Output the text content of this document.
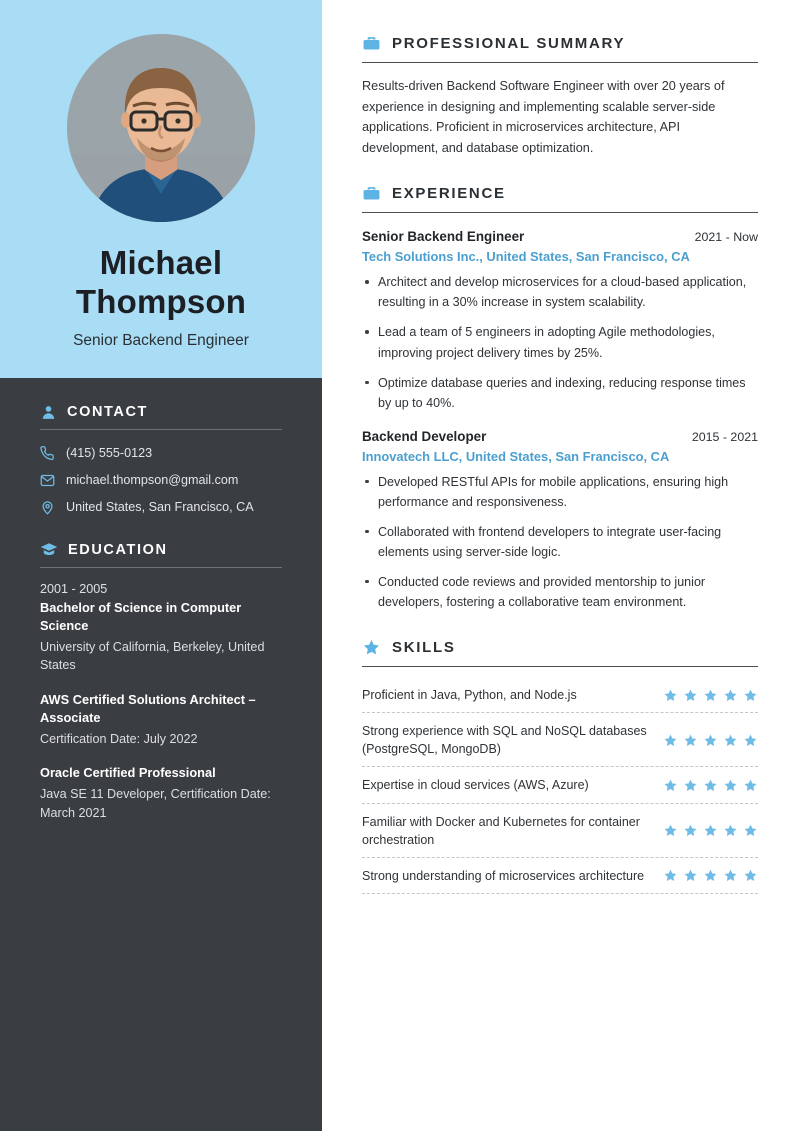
Michael
Thompson
Senior Backend Engineer
CONTACT
(415) 555-0123
michael.thompson@gmail.com
United States, San Francisco, CA
EDUCATION
2001 - 2005
Bachelor of Science in Computer Science
University of California, Berkeley, United States
AWS Certified Solutions Architect – Associate
Certification Date: July 2022
Oracle Certified Professional
Java SE 11 Developer, Certification Date: March 2021
PROFESSIONAL SUMMARY

Results-driven Backend Software Engineer with over 20 years of experience in designing and implementing scalable server-side applications. Proficient in microservices architecture, API development, and database optimization.

EXPERIENCE
Senior Backend Engineer	2021 - Now
Tech Solutions Inc., United States, San Francisco, CA
Architect and develop microservices for a cloud-based application, resulting in a 30% increase in system scalability.
Lead a team of 5 engineers in adopting Agile methodologies, improving project delivery times by 25%.
Optimize database queries and indexing, reducing response times by up to 40%.
Backend Developer	2015 - 2021
Innovatech LLC, United States, San Francisco, CA
Developed RESTful APIs for mobile applications, ensuring high performance and responsiveness.
Collaborated with frontend developers to integrate user-facing elements using server-side logic.
Conducted code reviews and provided mentorship to junior developers, fostering a collaborative team environment.
SKILLS
Proficient in Java, Python, and Node.js
Strong experience with SQL and NoSQL databases (PostgreSQL, MongoDB)
Expertise in cloud services (AWS, Azure)
Familiar with Docker and Kubernetes for container orchestration
Strong understanding of microservices architecture
